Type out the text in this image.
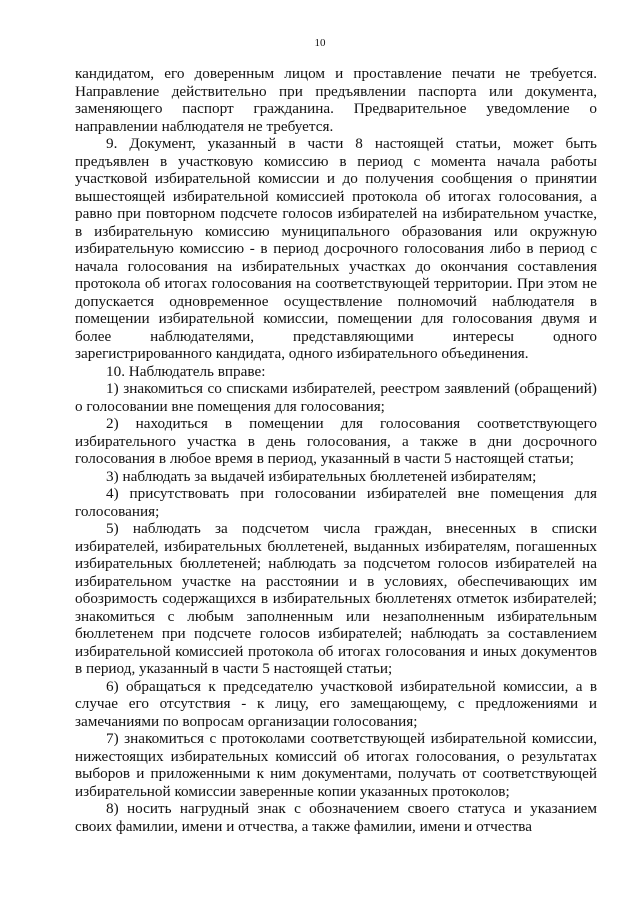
10

кандидатом, его доверенным лицом и проставление печати не требуется. Направление действительно при предъявлении паспорта или документа, заменяющего паспорт гражданина. Предварительное уведомление о направлении наблюдателя не требуется.

9. Документ, указанный в части 8 настоящей статьи, может быть предъявлен в участковую комиссию в период с момента начала работы участковой избирательной комиссии и до получения сообщения о принятии вышестоящей избирательной комиссией протокола об итогах голосования, а равно при повторном подсчете голосов избирателей на избирательном участке, в избирательную комиссию муниципального образования или окружную избирательную комиссию - в период досрочного голосования либо в период с начала голосования на избирательных участках до окончания составления протокола об итогах голосования на соответствующей территории. При этом не допускается одновременное осуществление полномочий наблюдателя в помещении избирательной комиссии, помещении для голосования двумя и более наблюдателями, представляющими интересы одного зарегистрированного кандидата, одного избирательного объединения.

10. Наблюдатель вправе:

1) знакомиться со списками избирателей, реестром заявлений (обращений) о голосовании вне помещения для голосования;

2) находиться в помещении для голосования соответствующего избирательного участка в день голосования, а также в дни досрочного голосования в любое время в период, указанный в части 5 настоящей статьи;

3) наблюдать за выдачей избирательных бюллетеней избирателям;

4) присутствовать при голосовании избирателей вне помещения для голосования;

5) наблюдать за подсчетом числа граждан, внесенных в списки избирателей, избирательных бюллетеней, выданных избирателям, погашенных избирательных бюллетеней; наблюдать за подсчетом голосов избирателей на избирательном участке на расстоянии и в условиях, обеспечивающих им обозримость содержащихся в избирательных бюллетенях отметок избирателей; знакомиться с любым заполненным или незаполненным избирательным бюллетенем при подсчете голосов избирателей; наблюдать за составлением избирательной комиссией протокола об итогах голосования и иных документов в период, указанный в части 5 настоящей статьи;

6) обращаться к председателю участковой избирательной комиссии, а в случае его отсутствия - к лицу, его замещающему, с предложениями и замечаниями по вопросам организации голосования;

7) знакомиться с протоколами соответствующей избирательной комиссии, нижестоящих избирательных комиссий об итогах голосования, о результатах выборов и приложенными к ним документами, получать от соответствующей избирательной комиссии заверенные копии указанных протоколов;

8) носить нагрудный знак с обозначением своего статуса и указанием своих фамилии, имени и отчества, а также фамилии, имени и отчества
